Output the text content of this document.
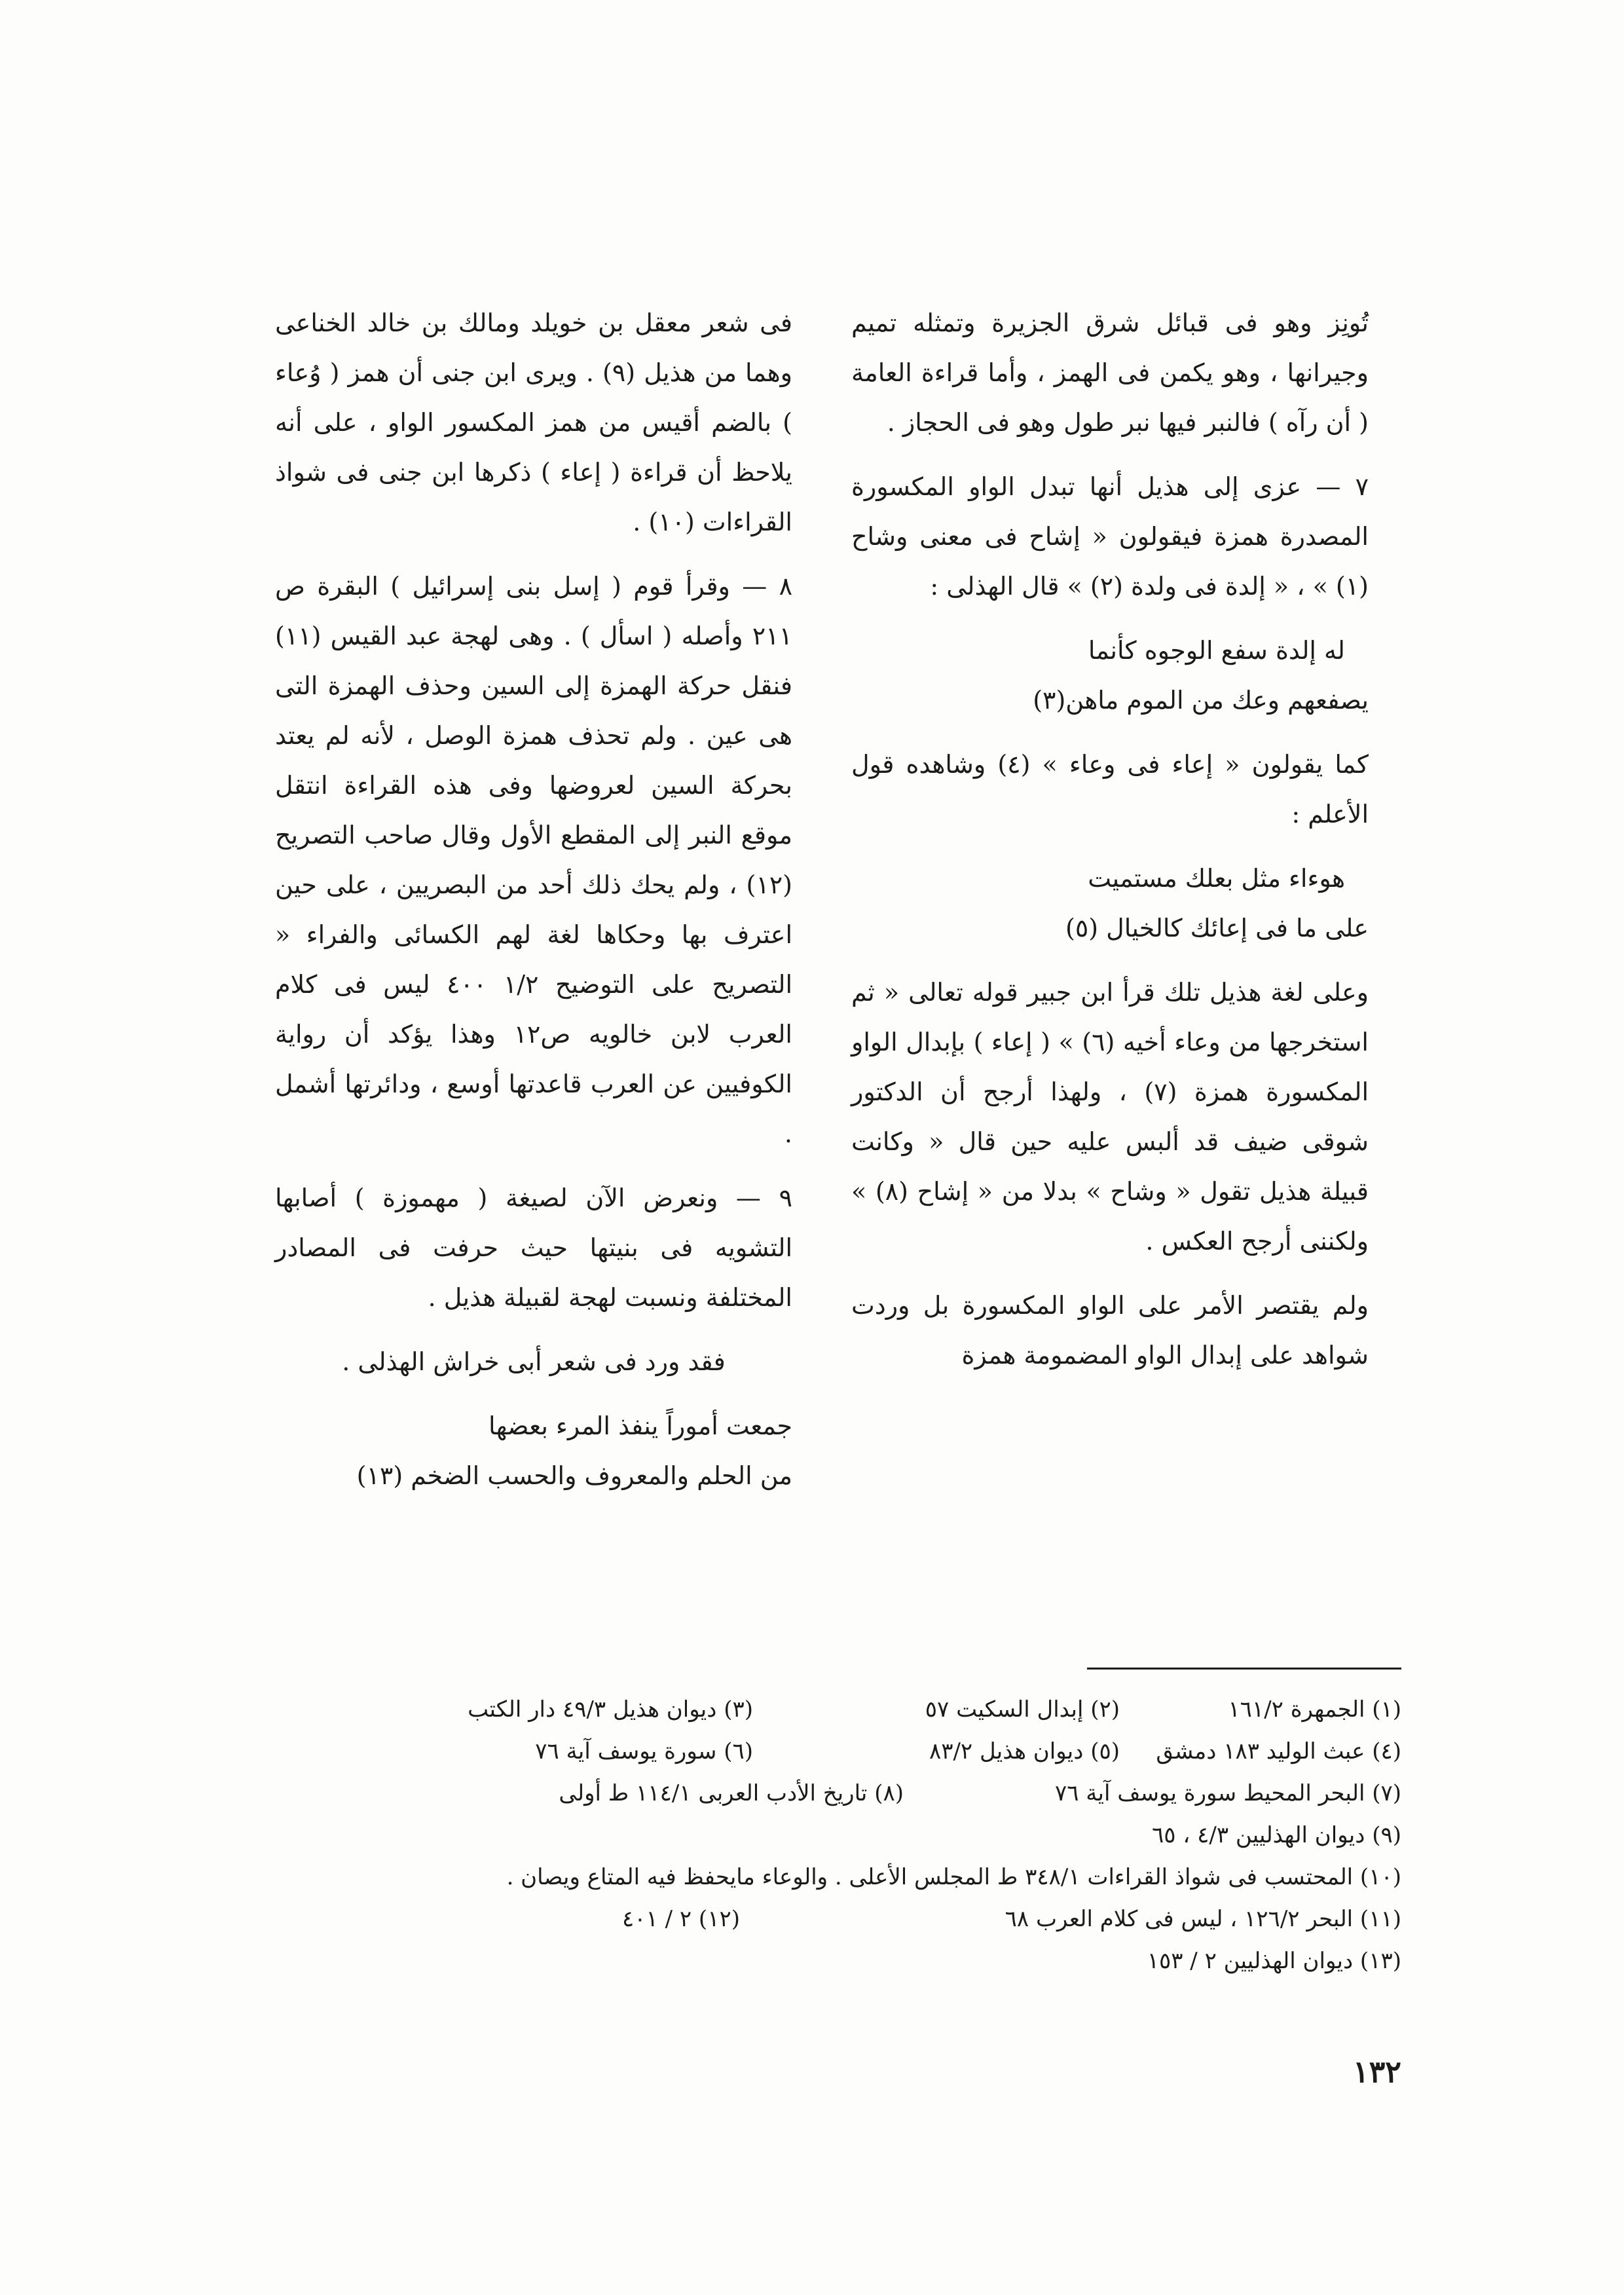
تُونِز وهو فى قبائل شرق الجزيرة وتمثله تميم وجيرانها ، وهو يكمن فى الهمز ، وأما قراءة العامة ( أن رآه ) فالنبر فيها نبر طول وهو فى الحجاز .

٧ — عزى إلى هذيل أنها تبدل الواو المكسورة المصدرة همزة فيقولون « إشاح فى معنى وشاح (١) » ، « إلدة فى ولدة (٢) » قال الهذلى :

له إلدة سفع الوجوه كأنما

يصفعهم وعك من الموم ماهن(٣)

كما يقولون « إعاء فى وعاء » (٤) وشاهده قول الأعلم :

هوءاء مثل بعلك مستميت

على ما فى إعائك كالخيال (٥)

وعلى لغة هذيل تلك قرأ ابن جبير قوله تعالى « ثم استخرجها من وعاء أخيه (٦) » ( إعاء ) بإبدال الواو المكسورة همزة (٧) ، ولهذا أرجح أن الدكتور شوقى ضيف قد ألبس عليه حين قال « وكانت قبيلة هذيل تقول « وشاح » بدلا من « إشاح (٨) » ولكننى أرجح العكس .

ولم يقتصر الأمر على الواو المكسورة بل وردت شواهد على إبدال الواو المضمومة همزة

فى شعر معقل بن خويلد ومالك بن خالد الخناعى وهما من هذيل (٩) . ويرى ابن جنى أن همز ( وُعاء ) بالضم أقيس من همز المكسور الواو ، على أنه يلاحظ أن قراءة ( إعاء ) ذكرها ابن جنى فى شواذ القراءات (١٠) .

٨ — وقرأ قوم ( إسل بنى إسرائيل ) البقرة ص ٢١١ وأصله ( اسأل ) . وهى لهجة عبد القيس (١١) فنقل حركة الهمزة إلى السين وحذف الهمزة التى هى عين . ولم تحذف همزة الوصل ، لأنه لم يعتد بحركة السين لعروضها وفى هذه القراءة انتقل موقع النبر إلى المقطع الأول وقال صاحب التصريح (١٢) ، ولم يحك ذلك أحد من البصريين ، على حين اعترف بها وحكاها لغة لهم الكسائى والفراء « التصريح على التوضيح ١/٢ ٤٠٠ ليس فى كلام العرب لابن خالويه ص١٢ وهذا يؤكد أن رواية الكوفيين عن العرب قاعدتها أوسع ، ودائرتها أشمل .

٩ — ونعرض الآن لصيغة ( مهموزة ) أصابها التشويه فى بنيتها حيث حرفت فى المصادر المختلفة ونسبت لهجة لقبيلة هذيل .

فقد ورد فى شعر أبى خراش الهذلى .

جمعت أموراً ينفذ المرء بعضها

من الحلم والمعروف والحسب الضخم (١٣)

(١) الجمهرة ١٦١/٢
(٢) إبدال السكيت ٥٧
(٣) ديوان هذيل ٤٩/٣ دار الكتب
(٤) عبث الوليد ١٨٣ دمشق
(٥) ديوان هذيل ٨٣/٢
(٦) سورة يوسف آية ٧٦
(٧) البحر المحيط سورة يوسف آية ٧٦
(٨) تاريخ الأدب العربى ١١٤/١ ط أولى
(٩) ديوان الهذليين ٤/٣ ، ٦٥
(١٠) المحتسب فى شواذ القراءات ٣٤٨/١ ط المجلس الأعلى . والوعاء مايحفظ فيه المتاع ويصان .
(١١) البحر ١٢٦/٢ ، ليس فى كلام العرب ٦٨
(١٢) ٢ / ٤٠١
(١٣) ديوان الهذليين ٢ / ١٥٣
١٣٢
